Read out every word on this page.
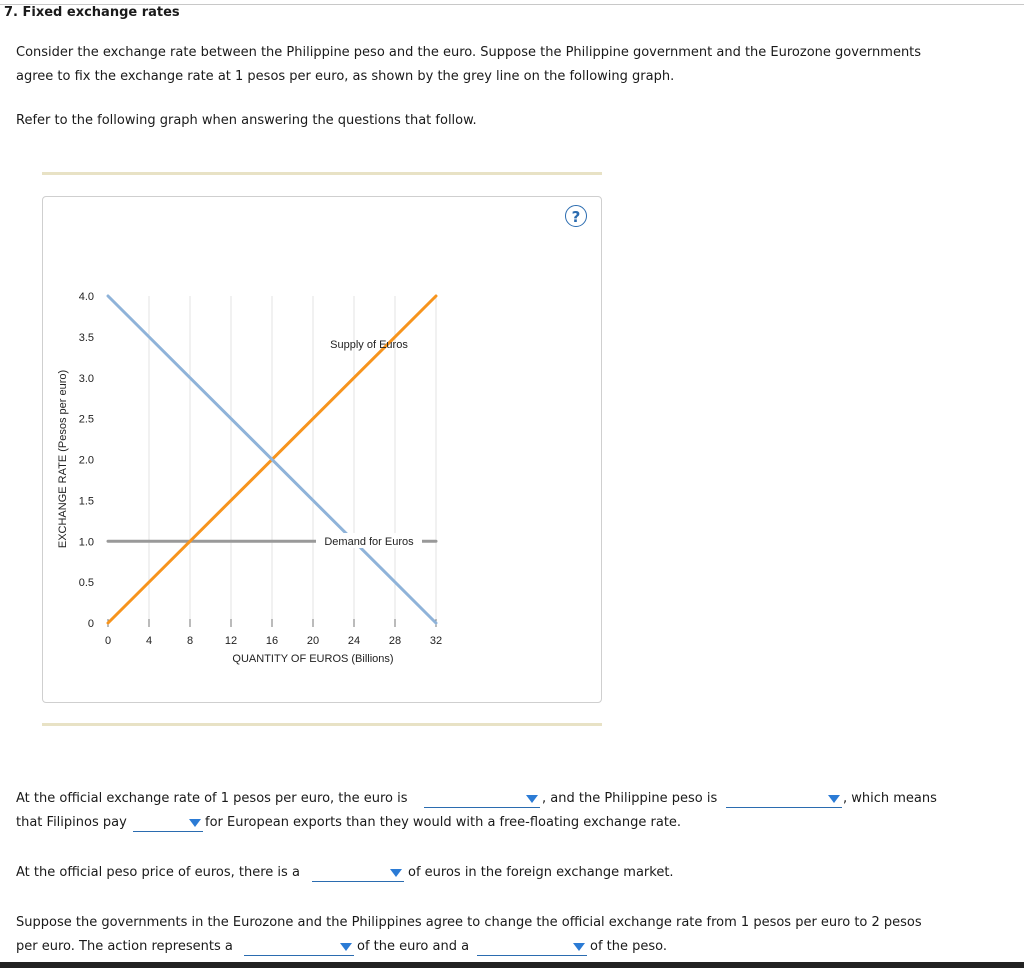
7. Fixed exchange rates
Consider the exchange rate between the Philippine peso and the euro. Suppose the Philippine government and the Eurozone governments
agree to fix the exchange rate at 1 pesos per euro, as shown by the grey line on the following graph.
Refer to the following graph when answering the questions that follow.
?
0	4	8	12	16	20	24	28	32
0
0.5
1.0
1.5
2.0
2.5
3.0
3.5
4.0
QUANTITY OF EUROS (Billions)
EXCHANGE RATE (Pesos per euro)
Supply of Euros
Demand for Euros
At the official exchange rate of 1 pesos per euro, the euro is	, and the Philippine peso is	, which means
that Filipinos pay	for European exports than they would with a free-floating exchange rate.
At the official peso price of euros, there is a	of euros in the foreign exchange market.
Suppose the governments in the Eurozone and the Philippines agree to change the official exchange rate from 1 pesos per euro to 2 pesos
per euro. The action represents a	of the euro and a	of the peso.
